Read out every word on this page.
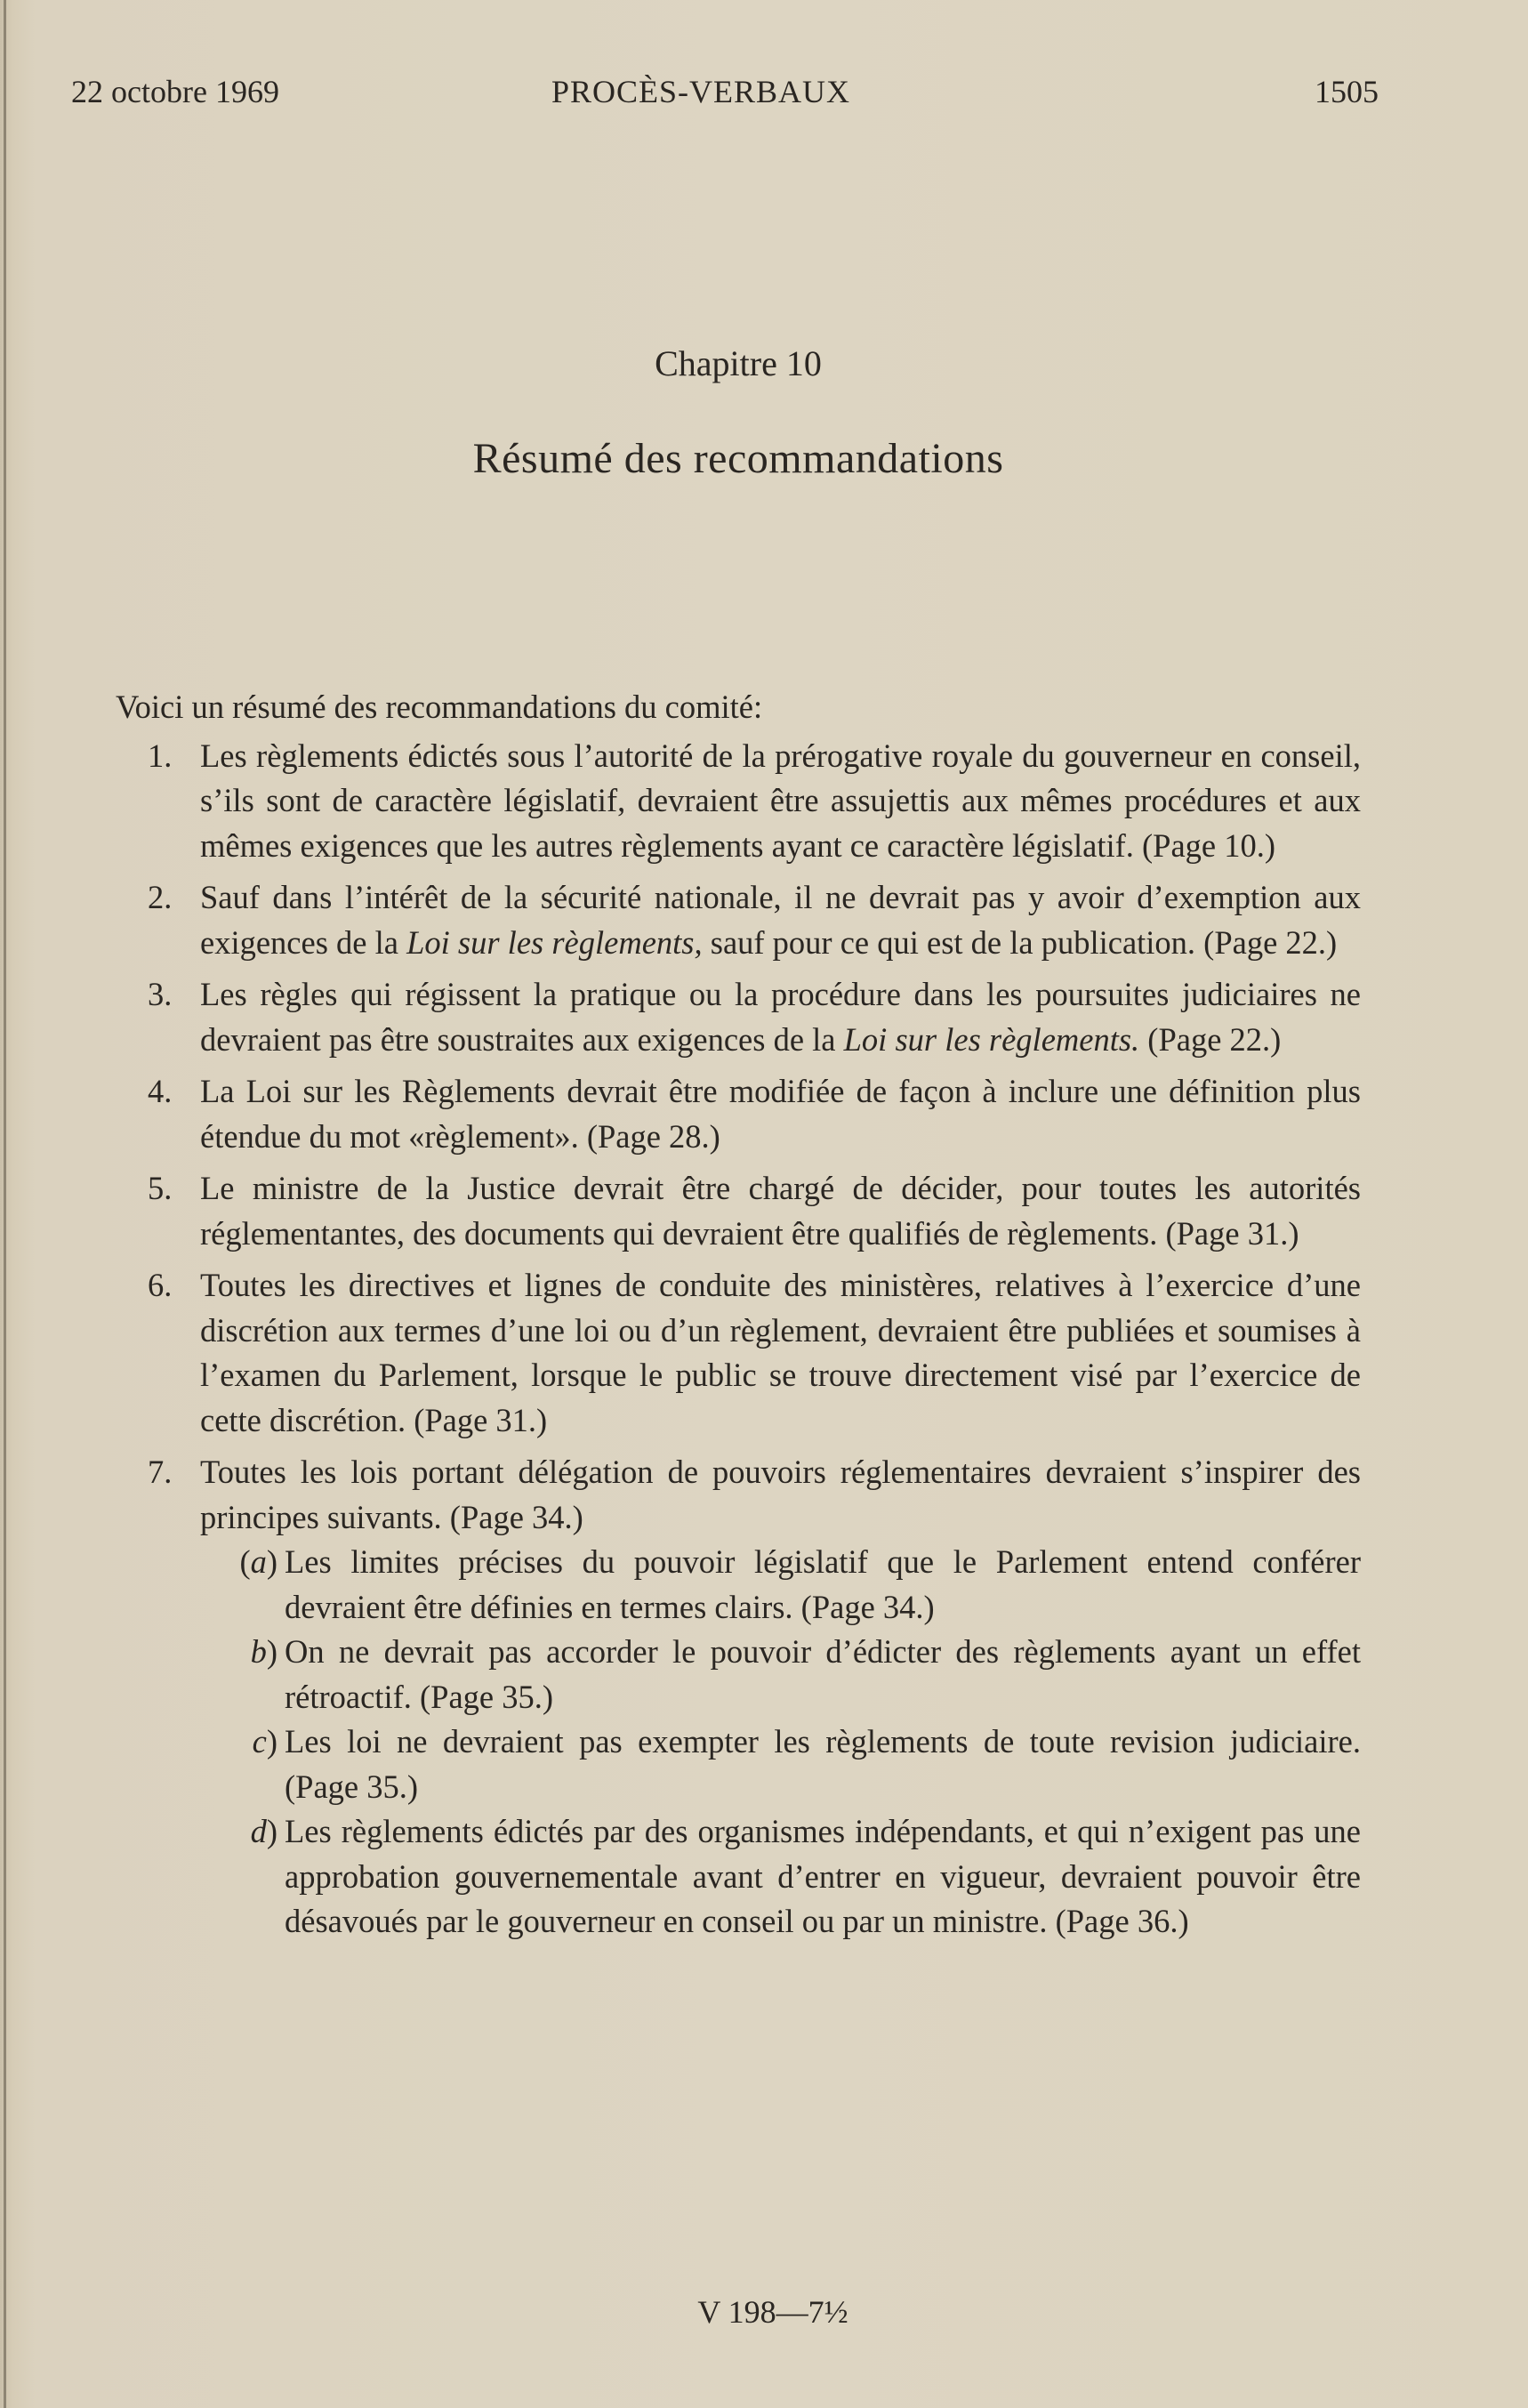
22 octobre 1969	PROCÈS-VERBAUX	1505
Chapitre 10
Résumé des recommandations

Voici un résumé des recommandations du comité:

1. Les règlements édictés sous l’autorité de la prérogative royale du gouverneur en conseil, s’ils sont de caractère législatif, devraient être assujettis aux mêmes procédures et aux mêmes exigences que les autres règlements ayant ce caractère législatif. (Page 10.)

2. Sauf dans l’intérêt de la sécurité nationale, il ne devrait pas y avoir d’exemption aux exigences de la Loi sur les règlements, sauf pour ce qui est de la publication. (Page 22.)

3. Les règles qui régissent la pratique ou la procédure dans les poursuites judiciaires ne devraient pas être soustraites aux exigences de la Loi sur les règlements. (Page 22.)

4. La Loi sur les Règlements devrait être modifiée de façon à inclure une définition plus étendue du mot «règlement». (Page 28.)

5. Le ministre de la Justice devrait être chargé de décider, pour toutes les autorités réglementantes, des documents qui devraient être qualifiés de règlements. (Page 31.)

6. Toutes les directives et lignes de conduite des ministères, relatives à l’exercice d’une discrétion aux termes d’une loi ou d’un règlement, devraient être publiées et soumises à l’examen du Parlement, lorsque le public se trouve directement visé par l’exercice de cette discrétion. (Page 31.)

7. Toutes les lois portant délégation de pouvoirs réglementaires devraient s’inspirer des principes suivants. (Page 34.)

(a) Les limites précises du pouvoir législatif que le Parlement entend conférer devraient être définies en termes clairs. (Page 34.)

b) On ne devrait pas accorder le pouvoir d’édicter des règlements ayant un effet rétroactif. (Page 35.)

c) Les loi ne devraient pas exempter les règlements de toute revision judiciaire. (Page 35.)

d) Les règlements édictés par des organismes indépendants, et qui n’exigent pas une approbation gouvernementale avant d’entrer en vigueur, devraient pouvoir être désavoués par le gouverneur en conseil ou par un ministre. (Page 36.)

V 198—7½
